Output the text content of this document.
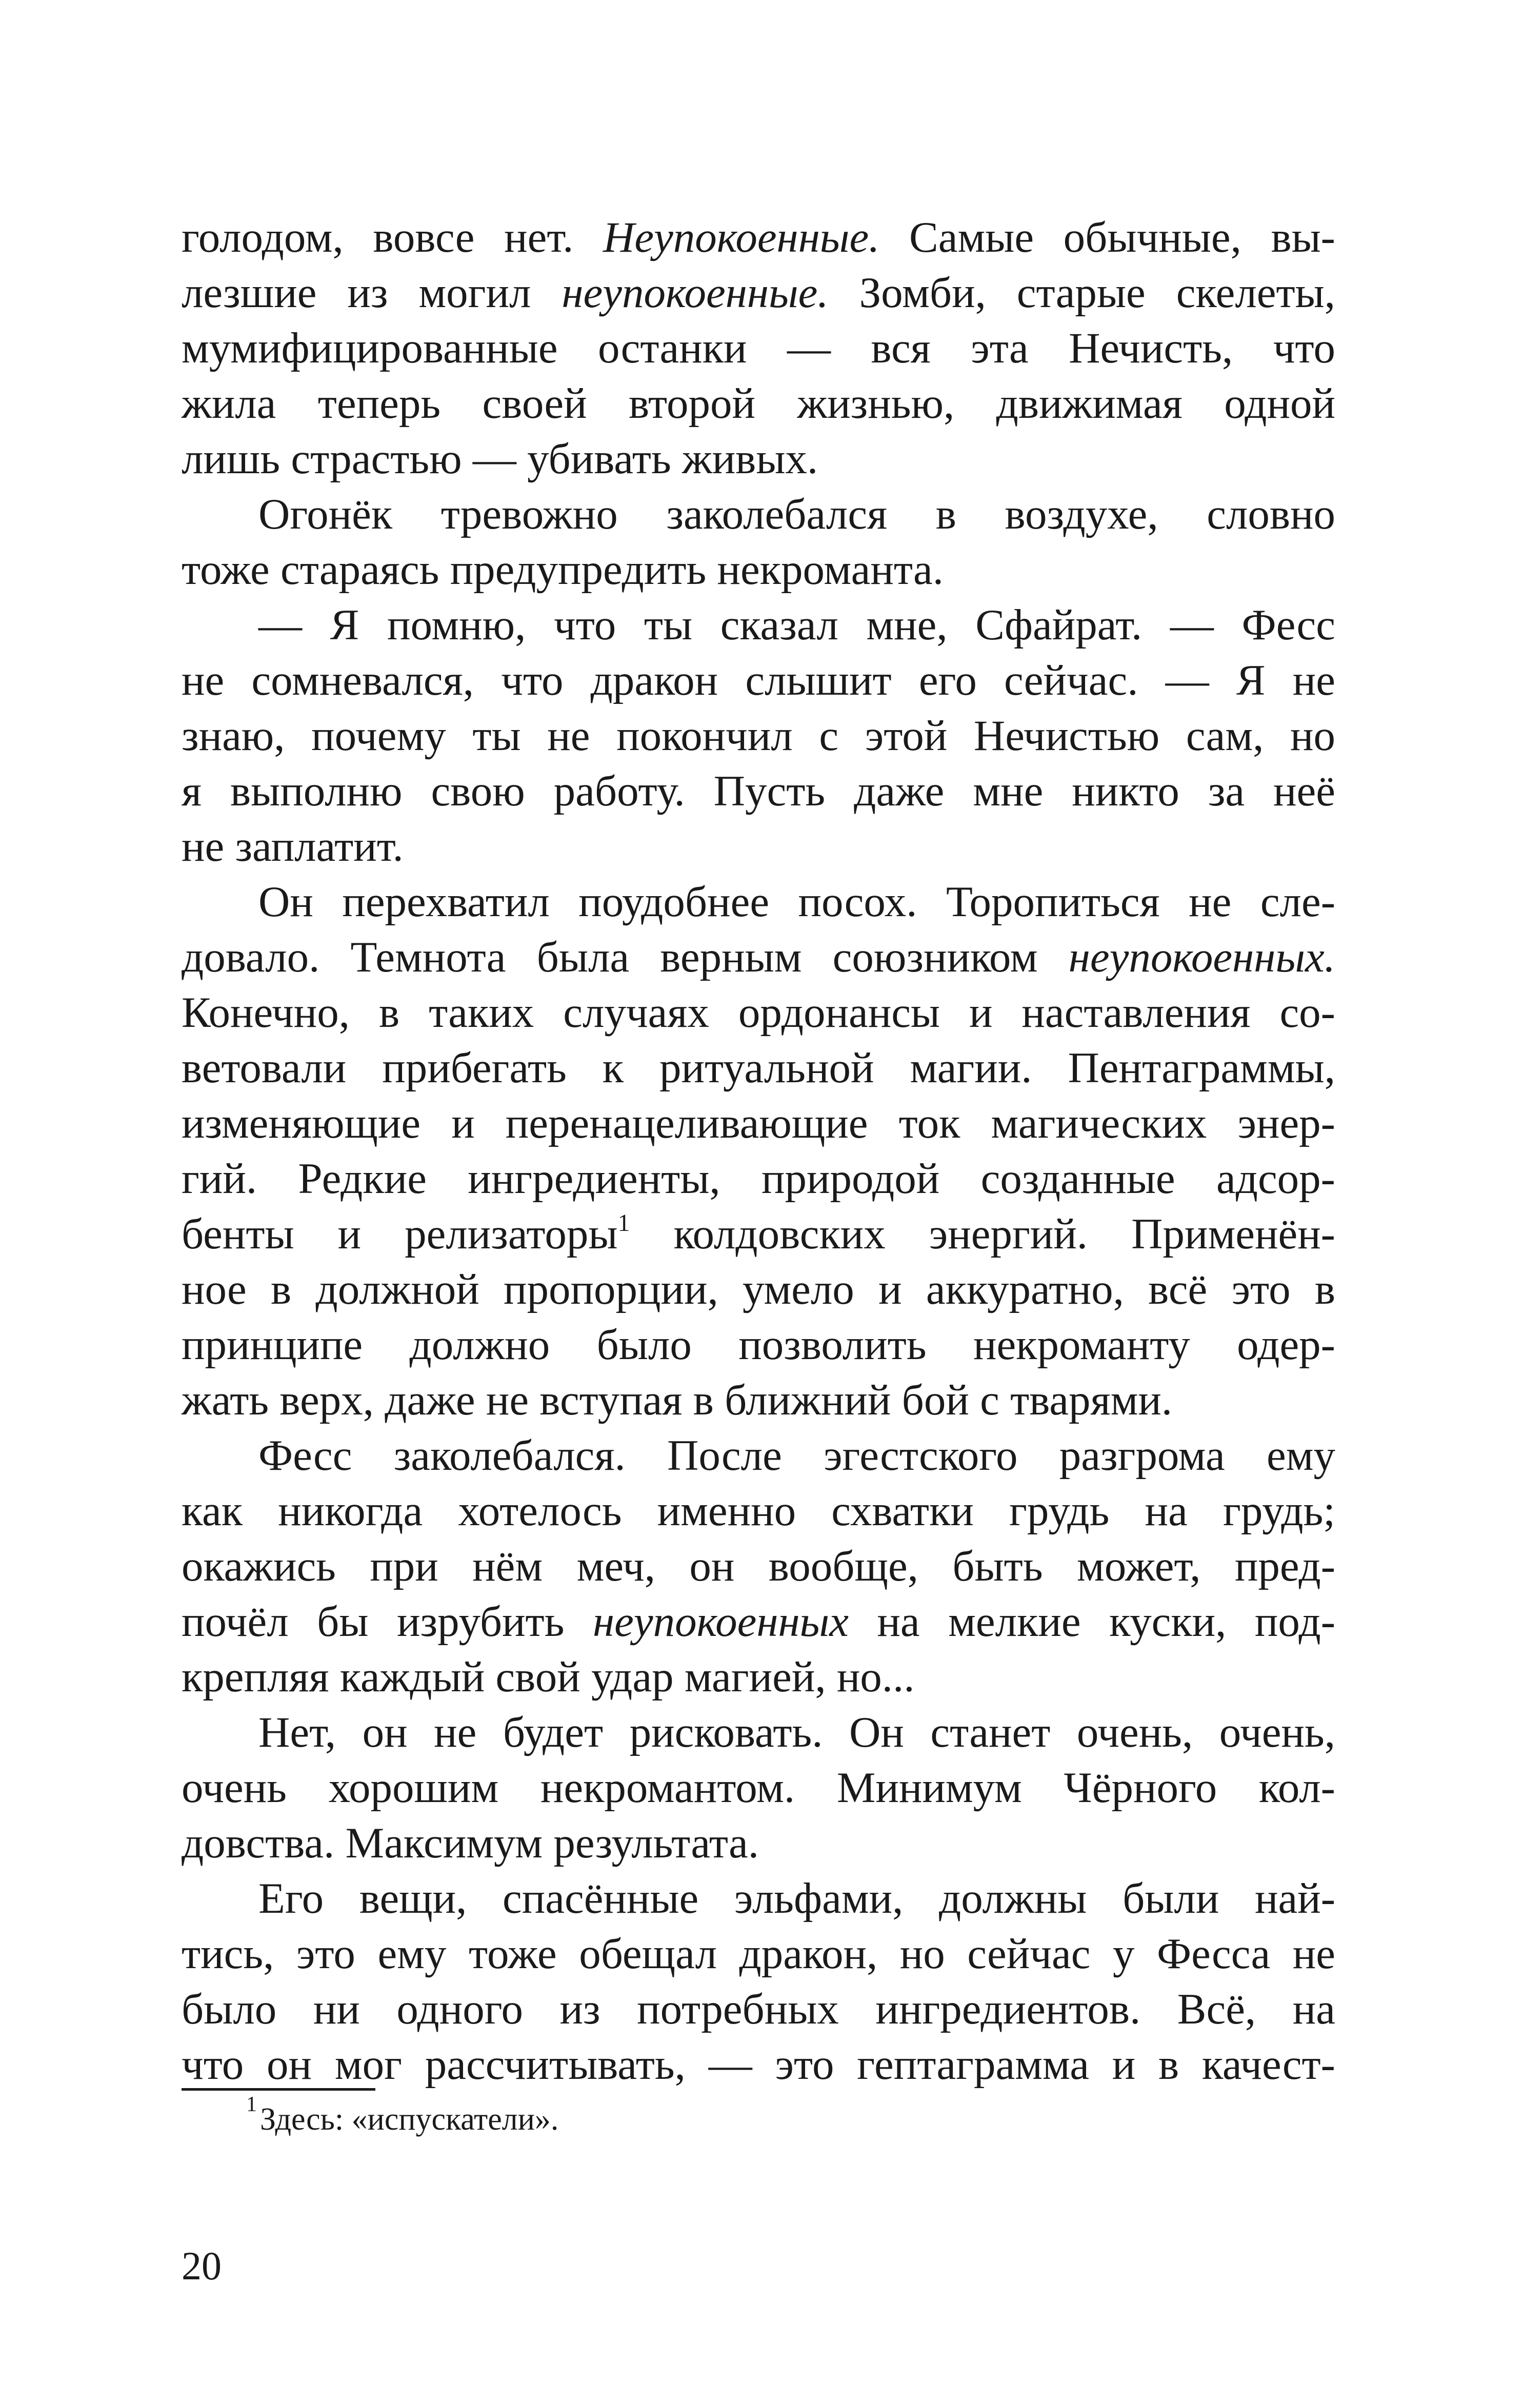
голодом, вовсе нет. Неупокоенные. Самые обычные, вы-
лезшие из могил неупокоенные. Зомби, старые скелеты,
мумифицированные останки — вся эта Нечисть, что
жила теперь своей второй жизнью, движимая одной
лишь страстью — убивать живых.
Огонёк тревожно заколебался в воздухе, словно
тоже стараясь предупредить некроманта.
— Я помню, что ты сказал мне, Сфайрат. — Фесс
не сомневался, что дракон слышит его сейчас. — Я не
знаю, почему ты не покончил с этой Нечистью сам, но
я выполню свою работу. Пусть даже мне никто за неё
не заплатит.
Он перехватил поудобнее посох. Торопиться не сле-
довало. Темнота была верным союзником неупокоенных.
Конечно, в таких случаях ордонансы и наставления со-
ветовали прибегать к ритуальной магии. Пентаграммы,
изменяющие и перенацеливающие ток магических энер-
гий. Редкие ингредиенты, природой созданные адсор-
бенты и релизаторы$^1$ колдовских энергий. Применён-
ное в должной пропорции, умело и аккуратно, всё это в
принципе должно было позволить некроманту одер-
жать верх, даже не вступая в ближний бой с тварями.
Фесс заколебался. После эгестского разгрома ему
как никогда хотелось именно схватки грудь на грудь;
окажись при нём меч, он вообще, быть может, пред-
почёл бы изрубить неупокоенных на мелкие куски, под-
крепляя каждый свой удар магией, но...
Нет, он не будет рисковать. Он станет очень, очень,
очень хорошим некромантом. Минимум Чёрного кол-
довства. Максимум результата.
Его вещи, спасённые эльфами, должны были най-
тись, это ему тоже обещал дракон, но сейчас у Фесса не
было ни одного из потребных ингредиентов. Всё, на
что он мог рассчитывать, — это гептаграмма и в качест-
$^1$Здесь: «испускатели».
20
